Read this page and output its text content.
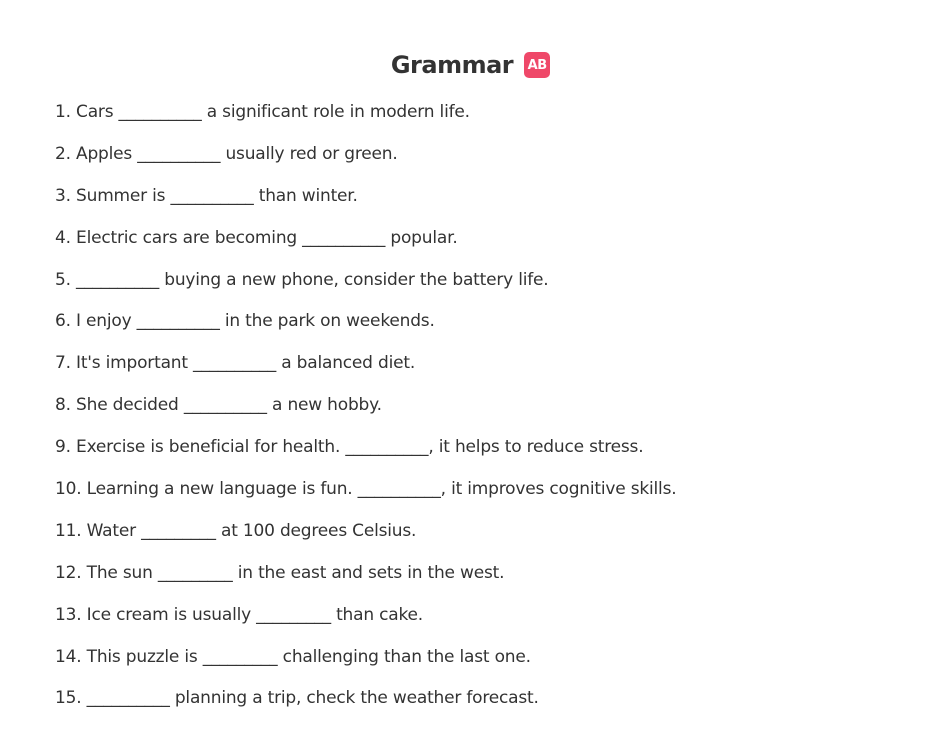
Grammar AB
1. Cars __________ a significant role in modern life.
2. Apples __________ usually red or green.
3. Summer is __________ than winter.
4. Electric cars are becoming __________ popular.
5. __________ buying a new phone, consider the battery life.
6. I enjoy __________ in the park on weekends.
7. It's important __________ a balanced diet.
8. She decided __________ a new hobby.
9. Exercise is beneficial for health. __________, it helps to reduce stress.
10. Learning a new language is fun. __________, it improves cognitive skills.
11. Water _________ at 100 degrees Celsius.
12. The sun _________ in the east and sets in the west.
13. Ice cream is usually _________ than cake.
14. This puzzle is _________ challenging than the last one.
15. __________ planning a trip, check the weather forecast.
